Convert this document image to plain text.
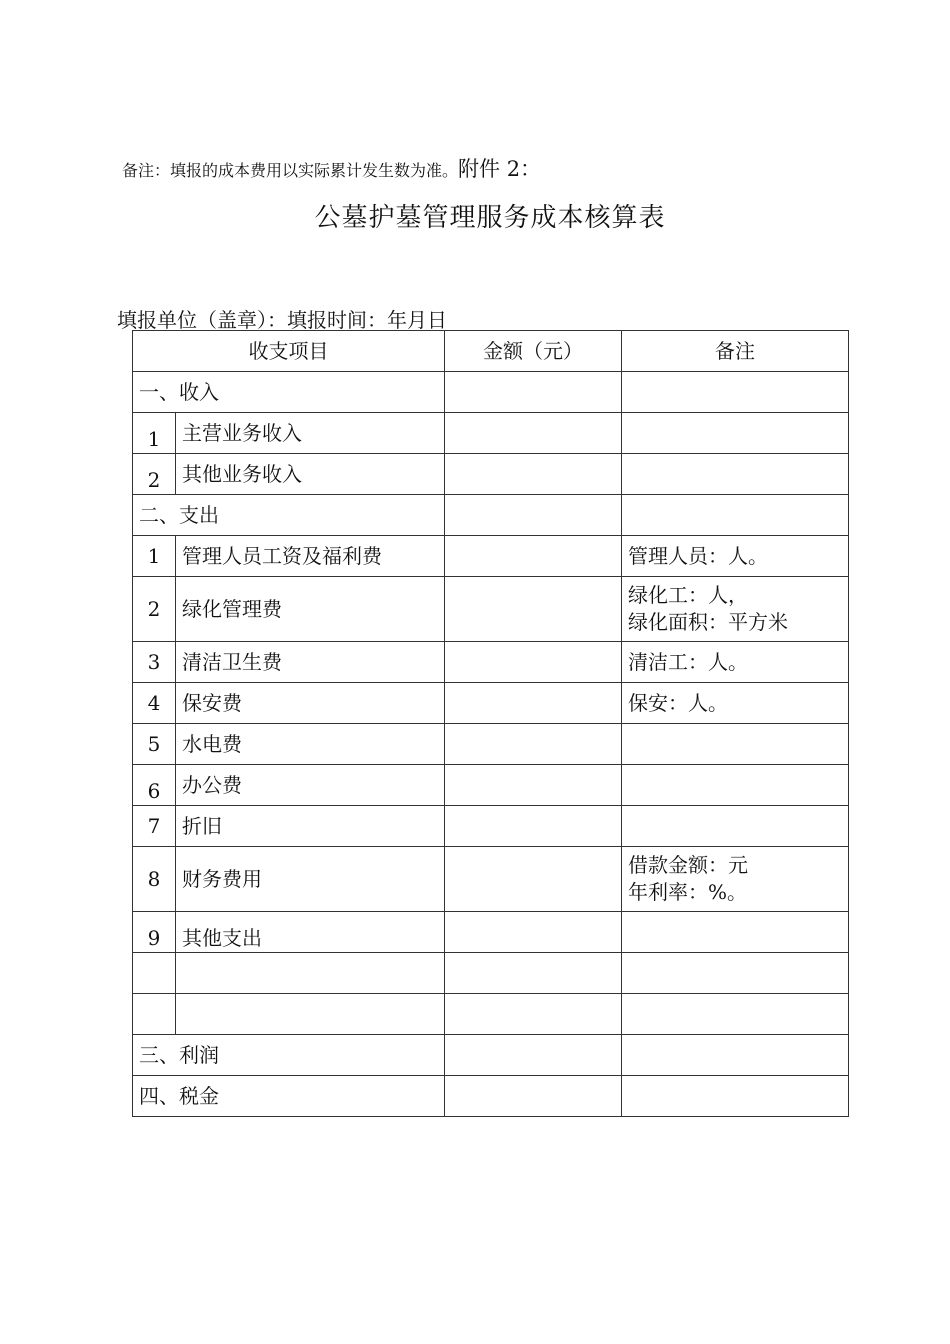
备注：填报的成本费用以实际累计发生数为准。附件 2：
公墓护墓管理服务成本核算表
填报单位（盖章）：填报时间：年月日
收支项目		金额（元）	备注
一、收入			
1	主营业务收入		
2	其他业务收入		
二、支出			
1	管理人员工资及福利费		管理人员：人。
2	绿化管理费		绿化工：人，
绿化面积：平方米

3	清洁卫生费		清洁工：人。
4	保安费		保安：人。
5	水电费		
6	办公费		
7	折旧		
8	财务费用		借款金额：元
年利率：%。

9	其他支出		

三、利润			
四、税金			
